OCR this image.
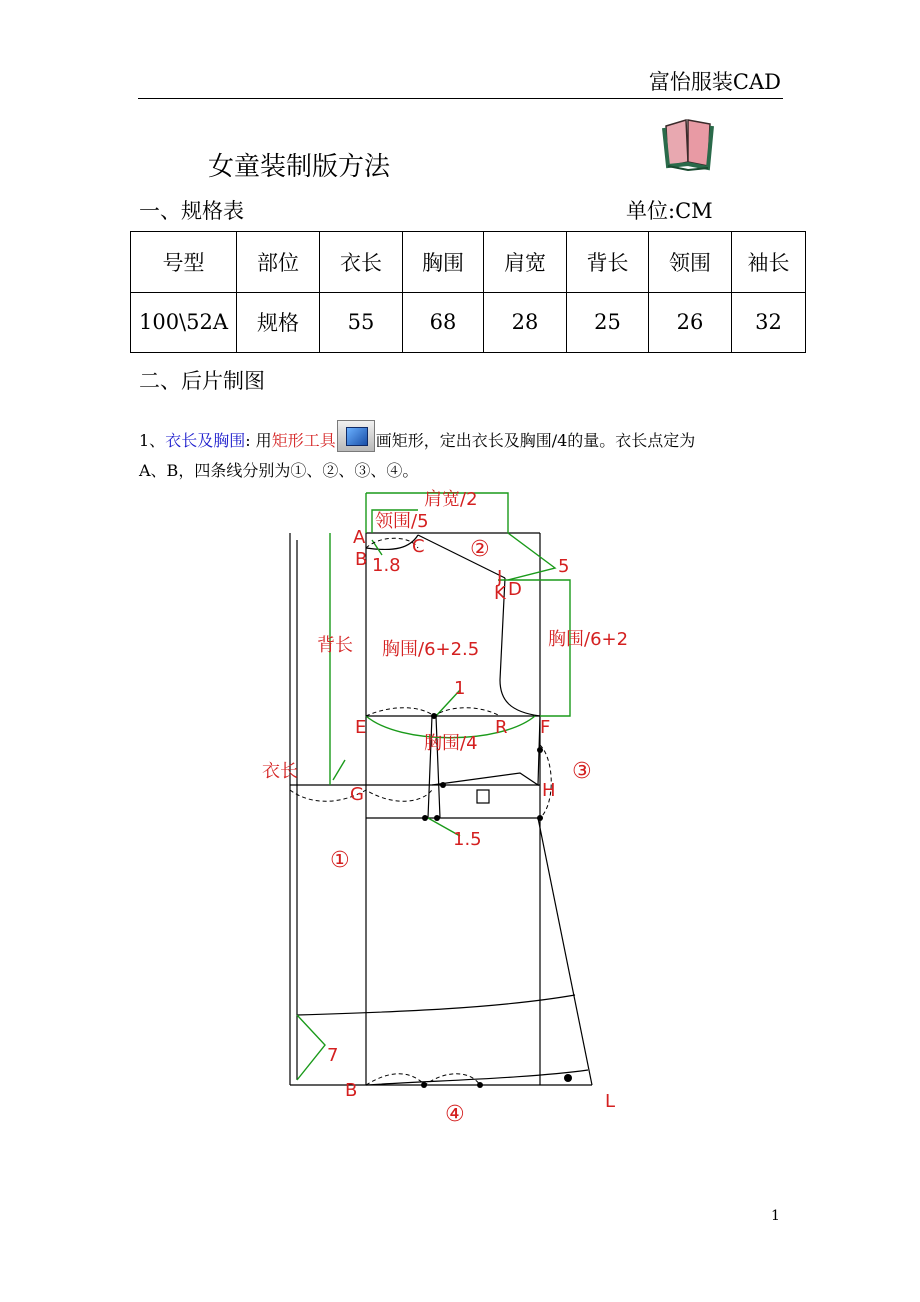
富怡服装CAD
女童装制版方法
一、规格表	单位:CM
号型	部位	衣长	胸围	肩宽	背长	领围	袖长
100\52A	规格	55	68	28	25	26	32
二、后片制图
1、衣长及胸围: 用矩形工具	画矩形，定出衣长及胸围/4的量。衣长点定为
A、B，四条线分别为①、②、③、④。
肩宽/2
领围/5
②
5
A
B
C
1.8
J
D
K
背长 胸围/6+2.5	胸围/6+2
1
E	R F
胸围/4
③
衣长
G	H
1.5
①
7
B
L
④
1
